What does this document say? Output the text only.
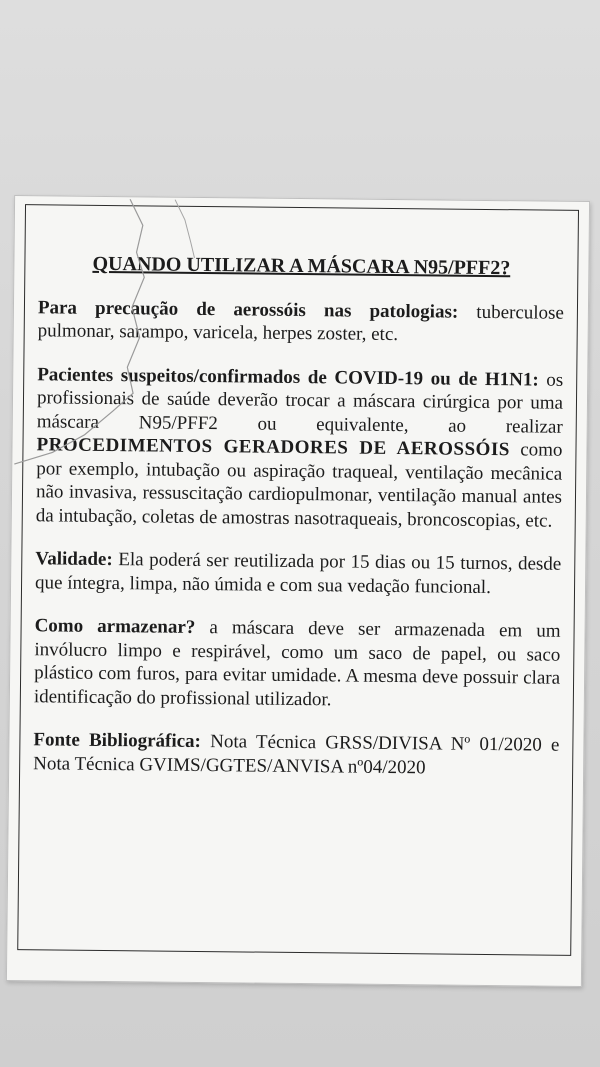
QUANDO UTILIZAR A MÁSCARA N95/PFF2?

Para precaução de aerossóis nas patologias: tuberculose pulmonar, sarampo, varicela, herpes zoster, etc.

Pacientes suspeitos/confirmados de COVID-19 ou de H1N1: os profissionais de saúde deverão trocar a máscara cirúrgica por uma máscara N95/PFF2 ou equivalente, ao realizar PROCEDIMENTOS GERADORES DE AEROSSÓIS como por exemplo, intubação ou aspiração traqueal, ventilação mecânica não invasiva, ressuscitação cardiopulmonar, ventilação manual antes da intubação, coletas de amostras nasotraqueais, broncoscopias, etc.

Validade: Ela poderá ser reutilizada por 15 dias ou 15 turnos, desde que íntegra, limpa, não úmida e com sua vedação funcional.

Como armazenar? a máscara deve ser armazenada em um invólucro limpo e respirável, como um saco de papel, ou saco plástico com furos, para evitar umidade. A mesma deve possuir clara identificação do profissional utilizador.

Fonte Bibliográfica: Nota Técnica GRSS/DIVISA Nº 01/2020 e Nota Técnica GVIMS/GGTES/ANVISA nº04/2020
